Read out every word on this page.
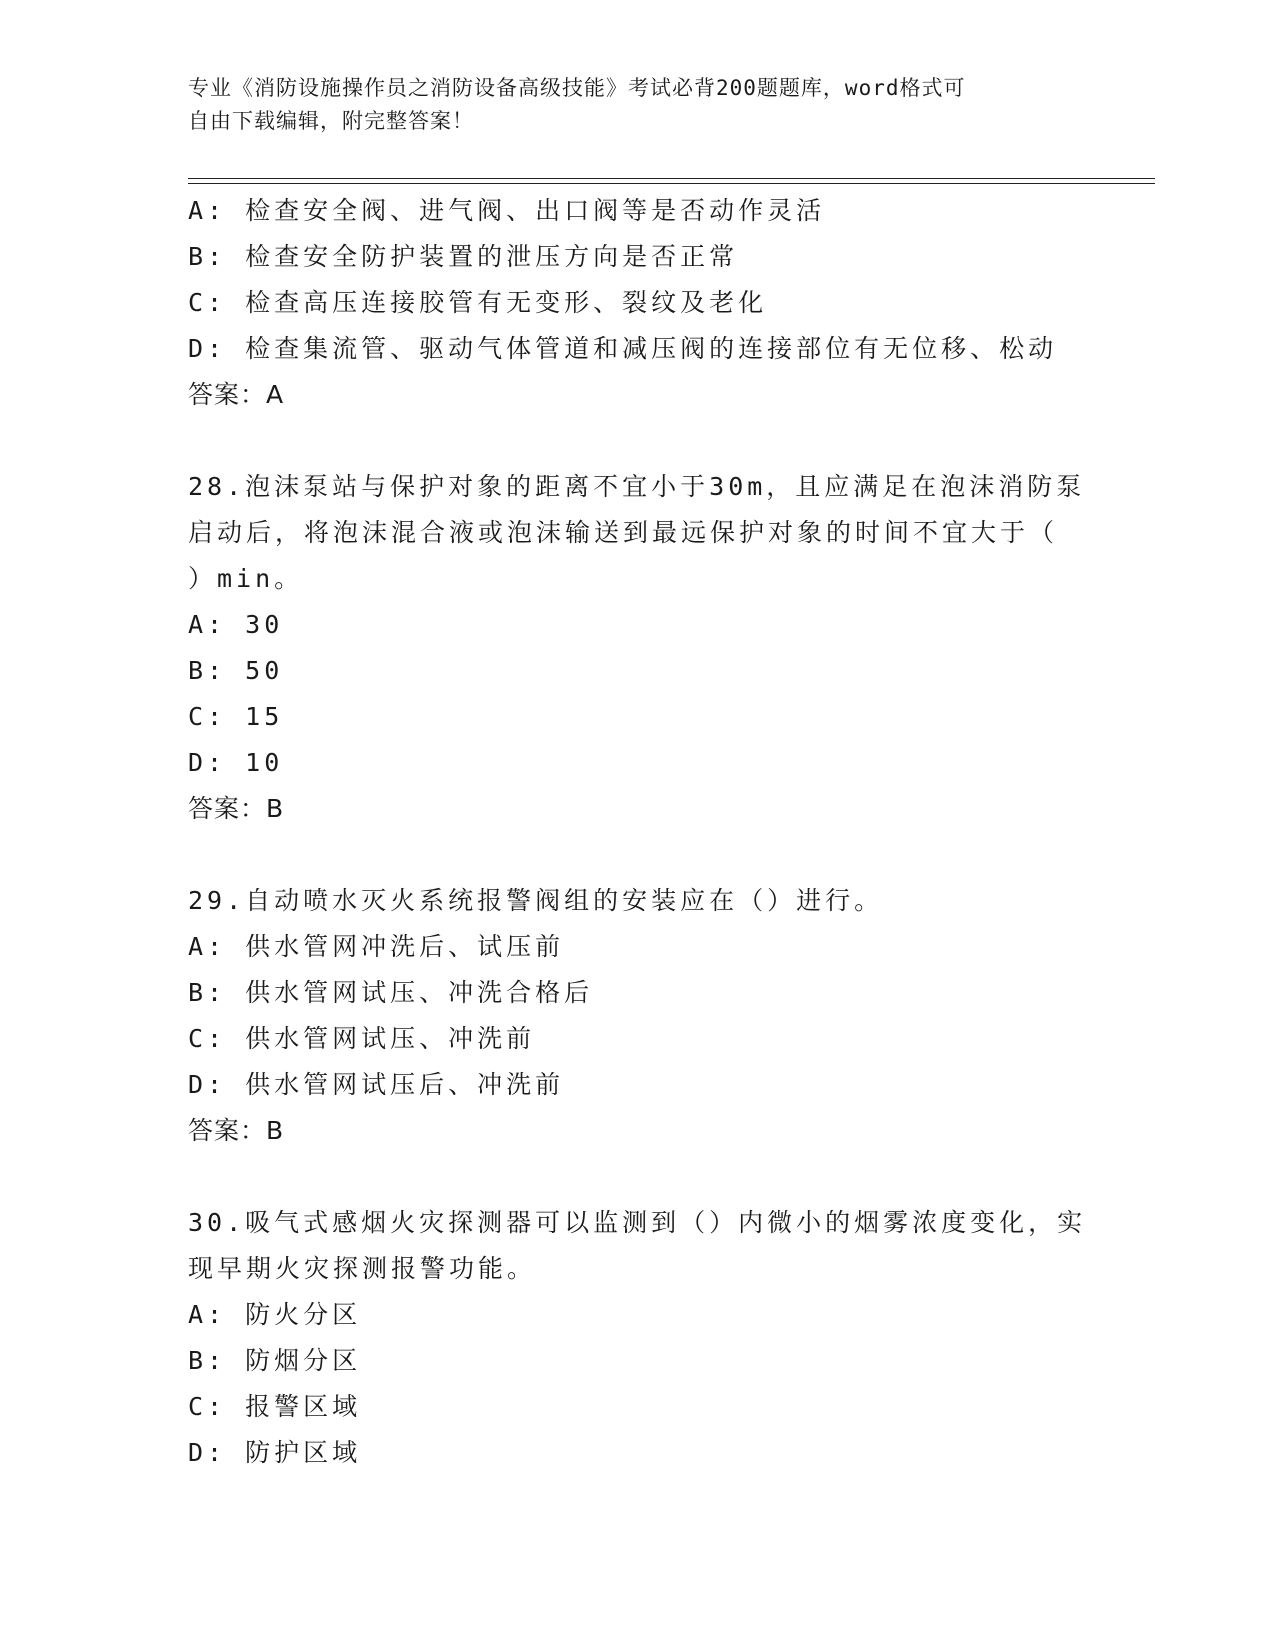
专业《消防设施操作员之消防设备高级技能》考试必背200题题库，word格式可
自由下载编辑，附完整答案！
A: 检查安全阀、进气阀、出口阀等是否动作灵活
B: 检查安全防护装置的泄压方向是否正常
C: 检查高压连接胶管有无变形、裂纹及老化
D: 检查集流管、驱动气体管道和减压阀的连接部位有无位移、松动
答案：A
28.泡沫泵站与保护对象的距离不宜小于30m，且应满足在泡沫消防泵
启动后，将泡沫混合液或泡沫输送到最远保护对象的时间不宜大于（
）min。
A: 30
B: 50
C: 15
D: 10
答案：B
29.自动喷水灭火系统报警阀组的安装应在（）进行。
A: 供水管网冲洗后、试压前
B: 供水管网试压、冲洗合格后
C: 供水管网试压、冲洗前
D: 供水管网试压后、冲洗前
答案：B
30.吸气式感烟火灾探测器可以监测到（）内微小的烟雾浓度变化，实
现早期火灾探测报警功能。
A: 防火分区
B: 防烟分区
C: 报警区域
D: 防护区域
